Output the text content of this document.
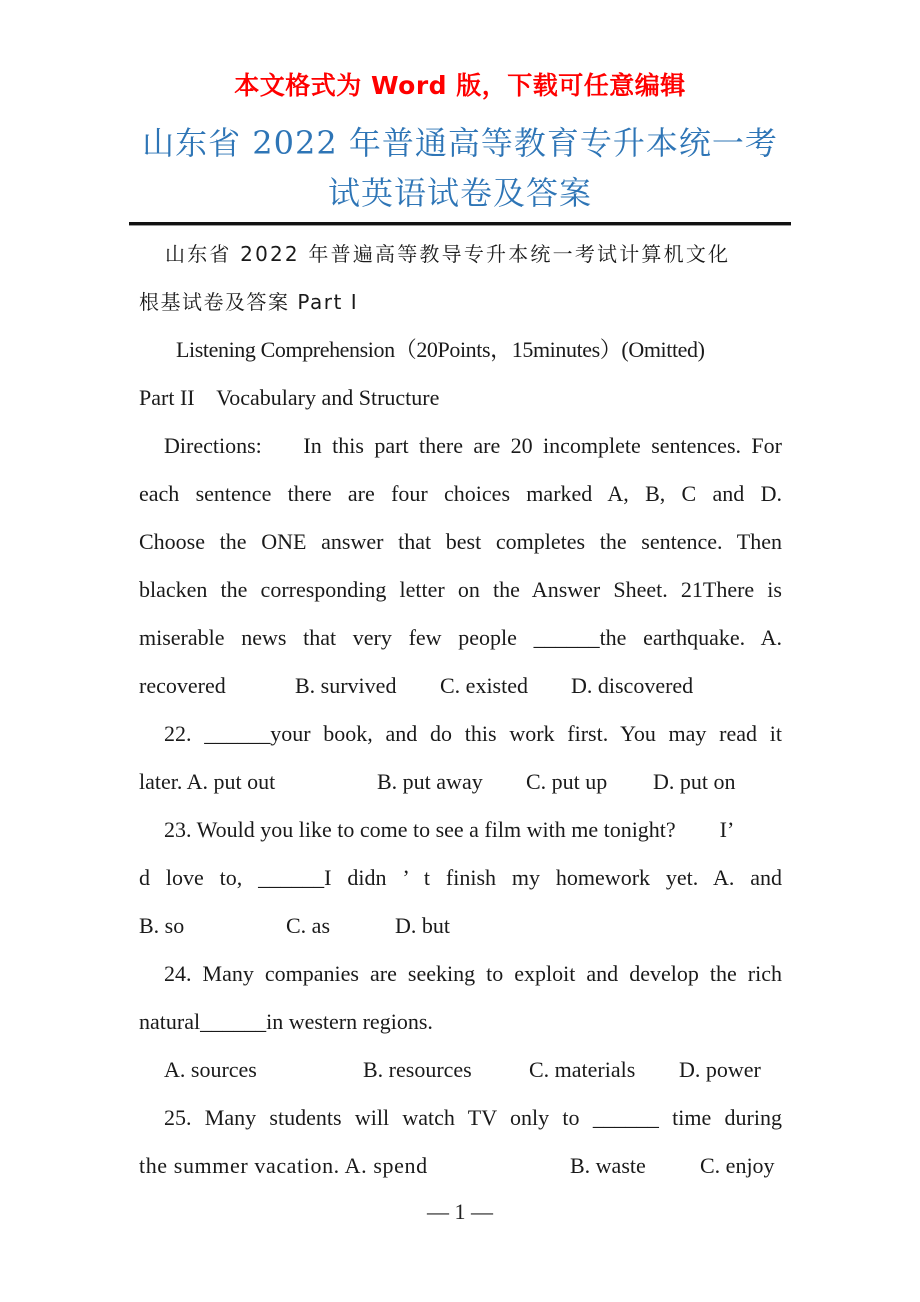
本文格式为 Word 版，下载可任意编辑
山东省 2022 年普通高等教育专升本统一考
试英语试卷及答案
山东省 2022 年普遍高等教导专升本统一考试计算机文化
根基试卷及答案 Part I
Listening Comprehension（20Points，15minutes）(Omitted)
Part II    Vocabulary and Structure
Directions:    In this part there are 20 incomplete sentences. For
each sentence there are four choices marked A, B, C and D.
Choose the ONE answer that best completes the sentence. Then
blacken the corresponding letter on the Answer Sheet. 21There is
miserable news that very few people ______the earthquake. A.
recovered	B. survived C. existed D. discovered
22. ______your book, and do this work first. You may read it
later. A. put out	B. put away C. put up D. put on
23. Would you like to come to see a film with me tonight?        I’
d love to, ______I didn ’ t finish my homework yet. A. and
B. so	C. as	D. but
24. Many companies are seeking to exploit and develop the rich
natural______in western regions.
A. sources	B. resources	C. materials D. power
25. Many students will watch TV only to ______ time during
the summer vacation. A. spend	B. waste C. enjoy
— 1 —
